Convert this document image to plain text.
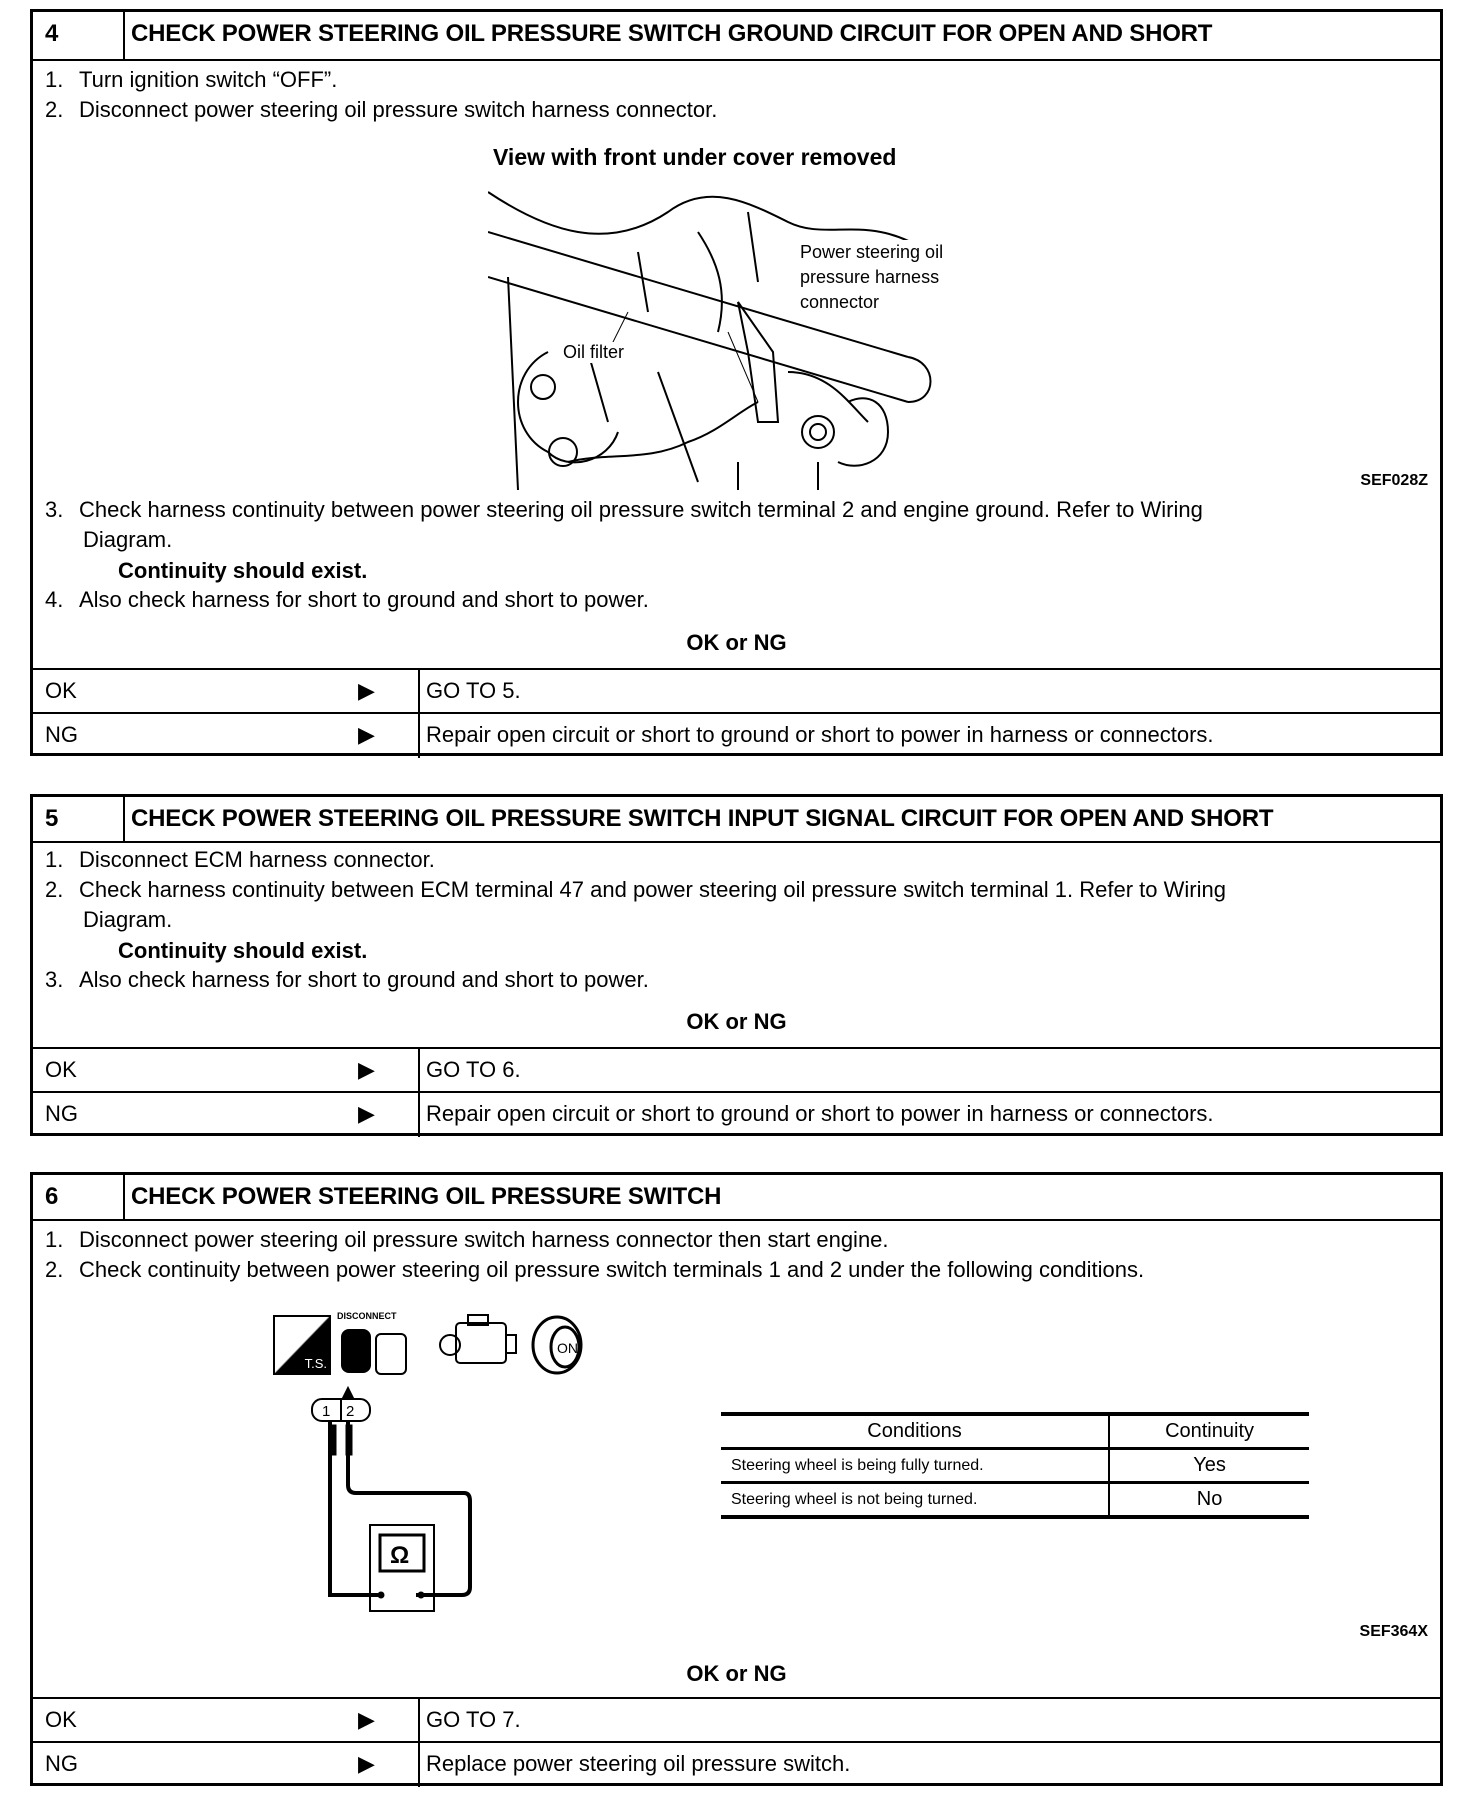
4	CHECK POWER STEERING OIL PRESSURE SWITCH GROUND CIRCUIT FOR OPEN AND SHORT
1. Turn ignition switch “OFF”.
2. Disconnect power steering oil pressure switch harness connector.
View with front under cover removed
Power steering oil
pressure harness
connector
Oil filter
SEF028Z
3. Check harness continuity between power steering oil pressure switch terminal 2 and engine ground. Refer to Wiring
Diagram.
Continuity should exist.
4. Also check harness for short to ground and short to power.
OK or NG
OK	▶ GO TO 5.
NG	▶ Repair open circuit or short to ground or short to power in harness or connectors.
5	CHECK POWER STEERING OIL PRESSURE SWITCH INPUT SIGNAL CIRCUIT FOR OPEN AND SHORT
1. Disconnect ECM harness connector.
2. Check harness continuity between ECM terminal 47 and power steering oil pressure switch terminal 1. Refer to Wiring
Diagram.
Continuity should exist.
3. Also check harness for short to ground and short to power.
OK or NG
OK	▶ GO TO 6.
NG	▶ Repair open circuit or short to ground or short to power in harness or connectors.
6	CHECK POWER STEERING OIL PRESSURE SWITCH
1. Disconnect power steering oil pressure switch harness connector then start engine.
2. Check continuity between power steering oil pressure switch terminals 1 and 2 under the following conditions.
T.S.
DISCONNECT
ON
1 2
Ω
Conditions	Continuity
Steering wheel is being fully turned.	Yes
Steering wheel is not being turned.	No
SEF364X
OK or NG
OK	▶ GO TO 7.
NG	▶ Replace power steering oil pressure switch.
